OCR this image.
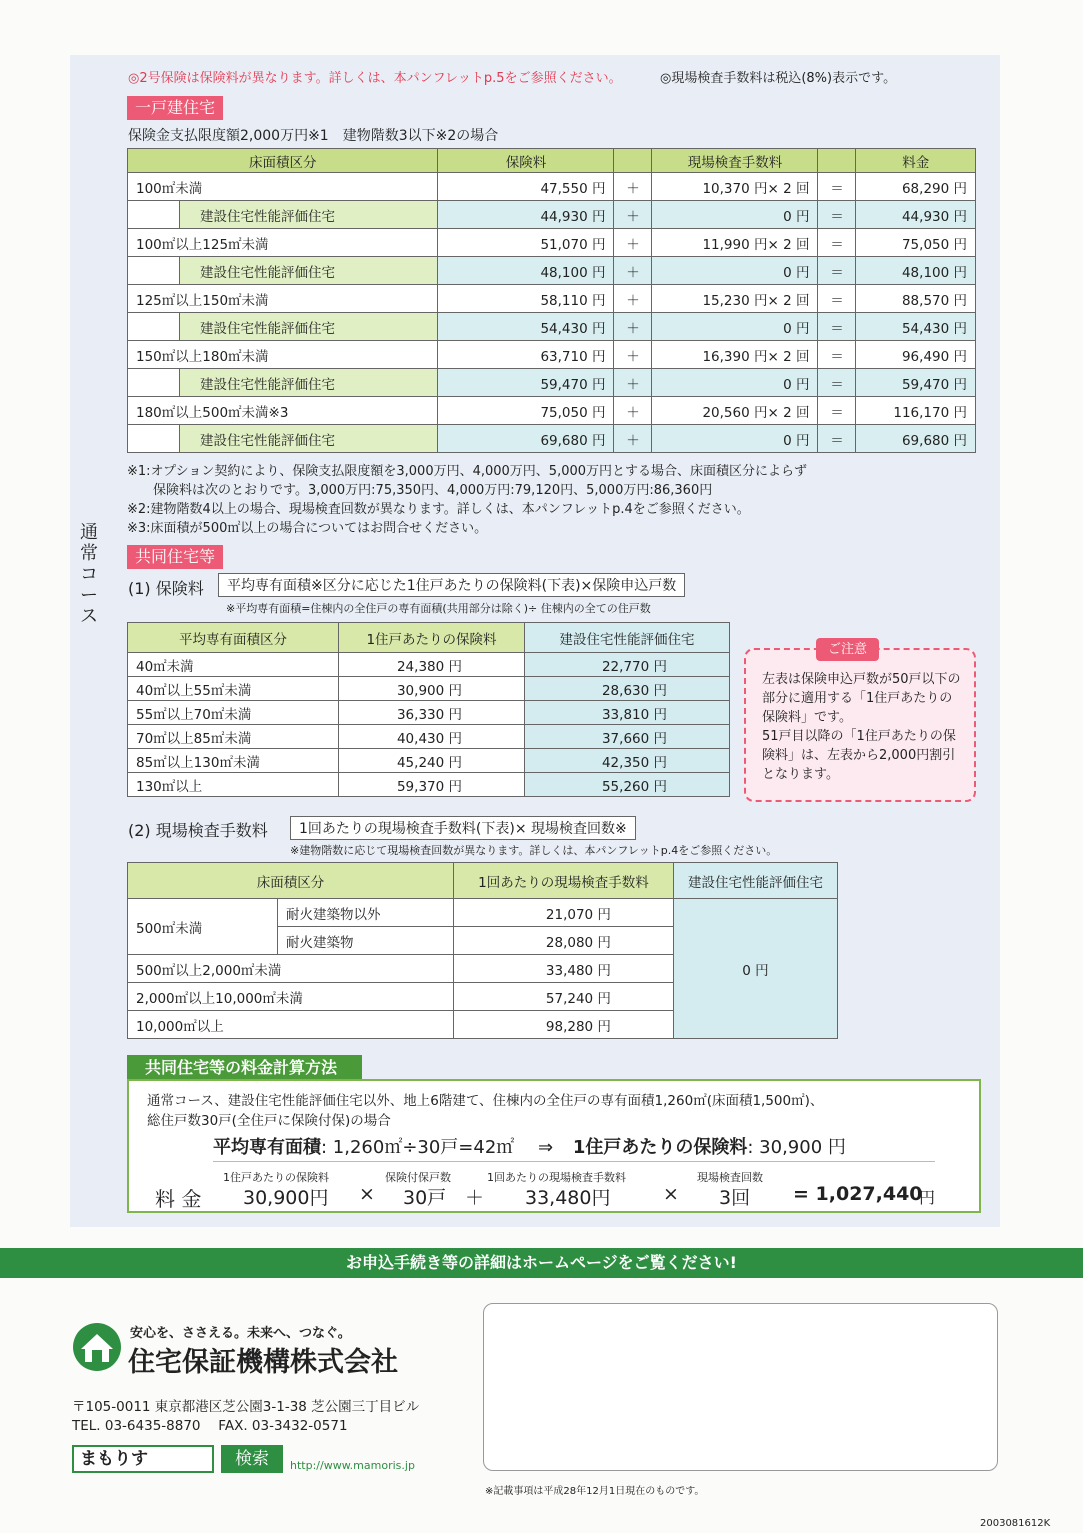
◎2号保険は保険料が異なります。詳しくは、本パンフレットp.5をご参照ください。	◎現場検査手数料は税込(8%)表示です。
通常コース
一戸建住宅
保険金支払限度額2,000万円※1　建物階数3以下※2の場合
床面積区分		保険料		現場検査手数料		料金
100㎡未満		47,550 円	＋	10,370 円× 2 回	＝	68,290 円
	建設住宅性能評価住宅	44,930 円	＋	0 円	＝	44,930 円
100㎡以上125㎡未満		51,070 円	＋	11,990 円× 2 回	＝	75,050 円
	建設住宅性能評価住宅	48,100 円	＋	0 円	＝	48,100 円
125㎡以上150㎡未満		58,110 円	＋	15,230 円× 2 回	＝	88,570 円
	建設住宅性能評価住宅	54,430 円	＋	0 円	＝	54,430 円
150㎡以上180㎡未満		63,710 円	＋	16,390 円× 2 回	＝	96,490 円
	建設住宅性能評価住宅	59,470 円	＋	0 円	＝	59,470 円
180㎡以上500㎡未満※3		75,050 円	＋	20,560 円× 2 回	＝	116,170 円
	建設住宅性能評価住宅	69,680 円	＋	0 円	＝	69,680 円
※1:オプション契約により、保険支払限度額を3,000万円、4,000万円、5,000万円とする場合、床面積区分によらず
　　保険料は次のとおりです。3,000万円:75,350円、4,000万円:79,120円、5,000万円:86,360円
※2:建物階数4以上の場合、現場検査回数が異なります。詳しくは、本パンフレットp.4をご参照ください。
※3:床面積が500㎡以上の場合についてはお問合せください。
共同住宅等
(1) 保険料	平均専有面積※区分に応じた1住戸あたりの保険料(下表)×保険申込戸数
※平均専有面積=住棟内の全住戸の専有面積(共用部分は除く)÷ 住棟内の全ての住戸数
平均専有面積区分	1住戸あたりの保険料	建設住宅性能評価住宅
40㎡未満	24,380 円	22,770 円
40㎡以上55㎡未満	30,900 円	28,630 円
55㎡以上70㎡未満	36,330 円	33,810 円
70㎡以上85㎡未満	40,430 円	37,660 円
85㎡以上130㎡未満	45,240 円	42,350 円
130㎡以上	59,370 円	55,260 円
ご注意
左表は保険申込戸数が50戸以下の部分に適用する「1住戸あたりの保険料」です。
51戸目以降の「1住戸あたりの保険料」は、左表から2,000円割引となります。
(2) 現場検査手数料	1回あたりの現場検査手数料(下表)× 現場検査回数※
※建物階数に応じて現場検査回数が異なります。詳しくは、本パンフレットp.4をご参照ください。
床面積区分		1回あたりの現場検査手数料	建設住宅性能評価住宅
500㎡未満	耐火建築物以外	21,070 円	0 円
	耐火建築物	28,080 円	
500㎡以上2,000㎡未満		33,480 円	
2,000㎡以上10,000㎡未満		57,240 円	
10,000㎡以上		98,280 円	
共同住宅等の料金計算方法
通常コース、建設住宅性能評価住宅以外、地上6階建て、住棟内の全住戸の専有面積1,260㎡(床面積1,500㎡)、
総住戸数30戸(全住戸に保険付保)の場合
平均専有面積: 1,260㎡÷30戸=42㎡ ⇒ 1住戸あたりの保険料: 30,900 円
料 金
1住戸あたりの保険料
30,900円 ×
保険付保戸数
30戸 ＋
1回あたりの現場検査手数料
33,480円	×
現場検査回数
3回 = 1,027,440
円
お申込手続き等の詳細はホームページをご覧ください!
安心を、ささえる。未来へ、つなぐ。
住宅保証機構株式会社
〒105-0011 東京都港区芝公園3-1-38 芝公園三丁目ビル
TEL. 03-6435-8870　 FAX. 03-3432-0571
まもりす	検索	http://www.mamoris.jp
※記載事項は平成28年12月1日現在のものです。
2003081612K
